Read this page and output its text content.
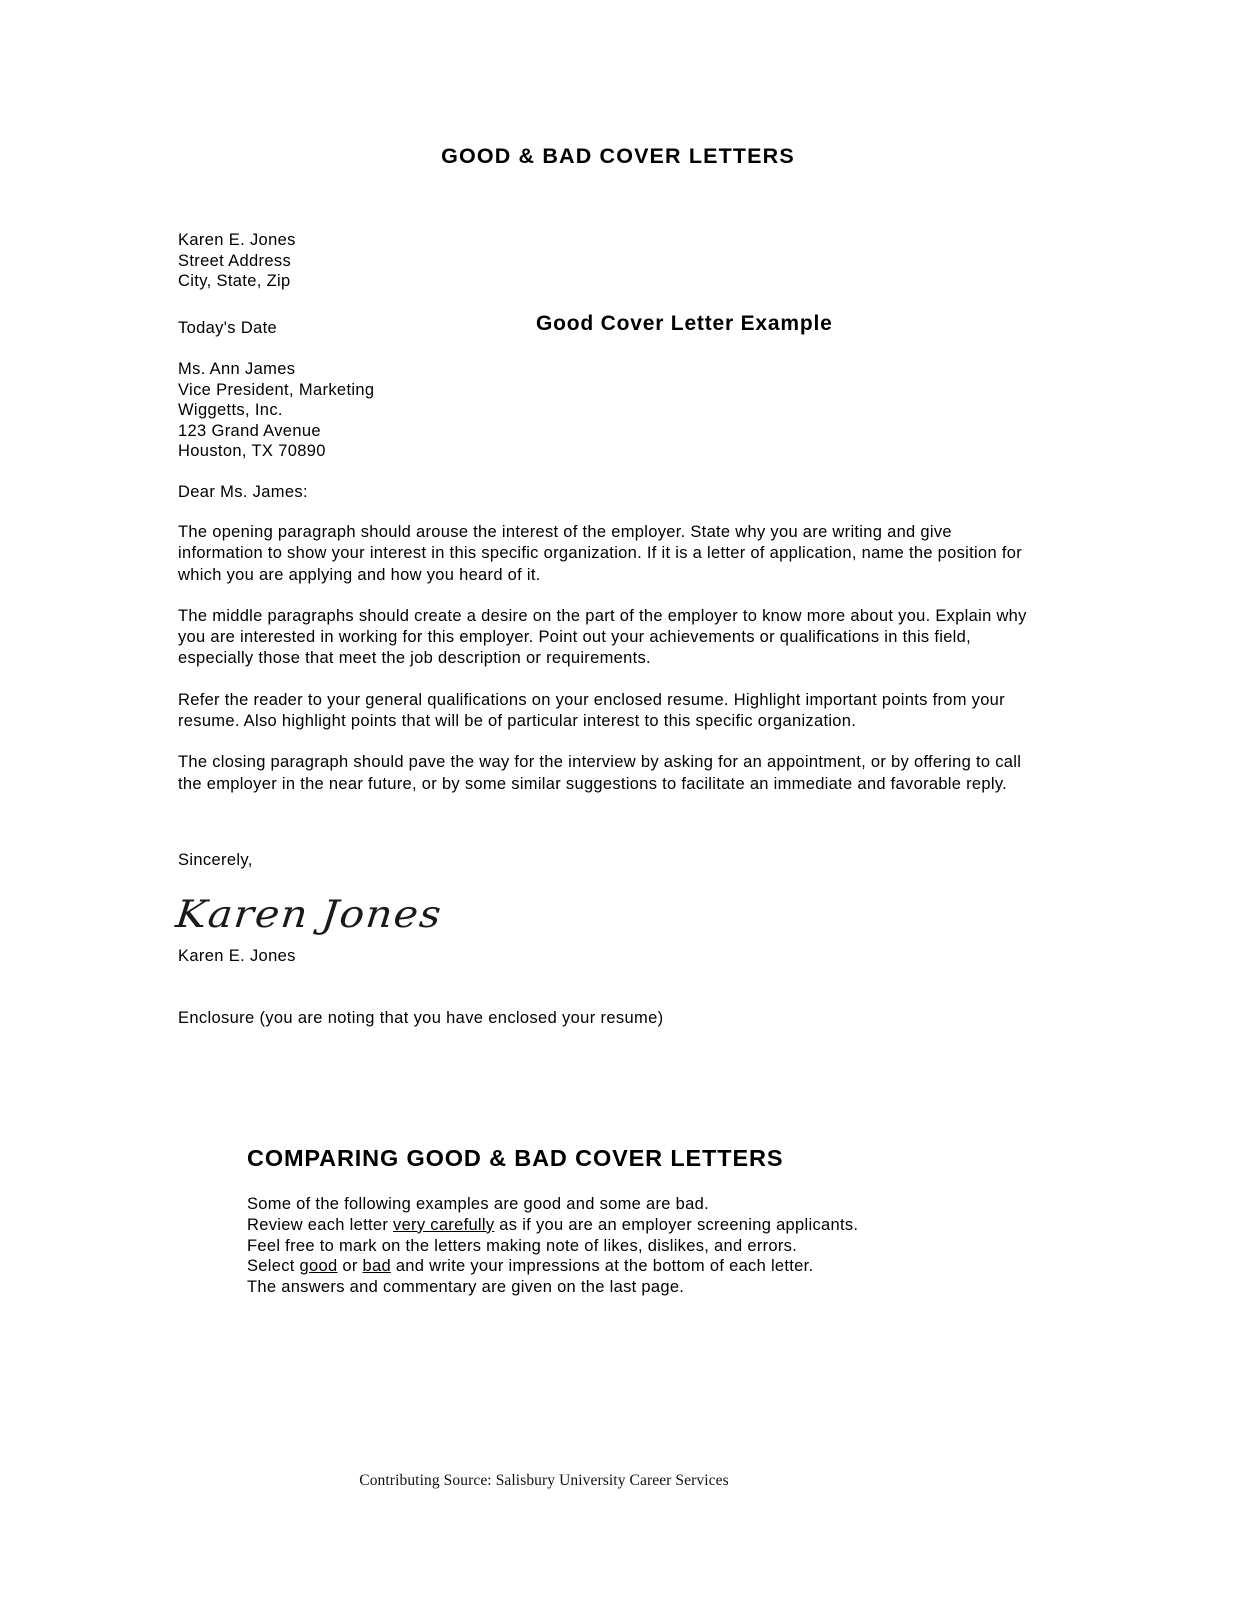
GOOD & BAD COVER LETTERS
Karen E. Jones
Street Address
City, State, Zip
Today's Date	Good Cover Letter Example
Ms. Ann James
Vice President, Marketing
Wiggetts, Inc.
123 Grand Avenue
Houston, TX 70890
Dear Ms. James:

The opening paragraph should arouse the interest of the employer. State why you are writing and give information to show your interest in this specific organization. If it is a letter of application, name the position for which you are applying and how you heard of it.

The middle paragraphs should create a desire on the part of the employer to know more about you. Explain why you are interested in working for this employer. Point out your achievements or qualifications in this field, especially those that meet the job description or requirements.

Refer the reader to your general qualifications on your enclosed resume. Highlight important points from your resume. Also highlight points that will be of particular interest to this specific organization.

The closing paragraph should pave the way for the interview by asking for an appointment, or by offering to call the employer in the near future, or by some similar suggestions to facilitate an immediate and favorable reply.

Sincerely,
Karen Jones
Karen E. Jones
Enclosure (you are noting that you have enclosed your resume)
COMPARING GOOD & BAD COVER LETTERS
Some of the following examples are good and some are bad.
Review each letter very carefully as if you are an employer screening applicants.
Feel free to mark on the letters making note of likes, dislikes, and errors.
Select good or bad and write your impressions at the bottom of each letter.
The answers and commentary are given on the last page.
Contributing Source: Salisbury University Career Services
